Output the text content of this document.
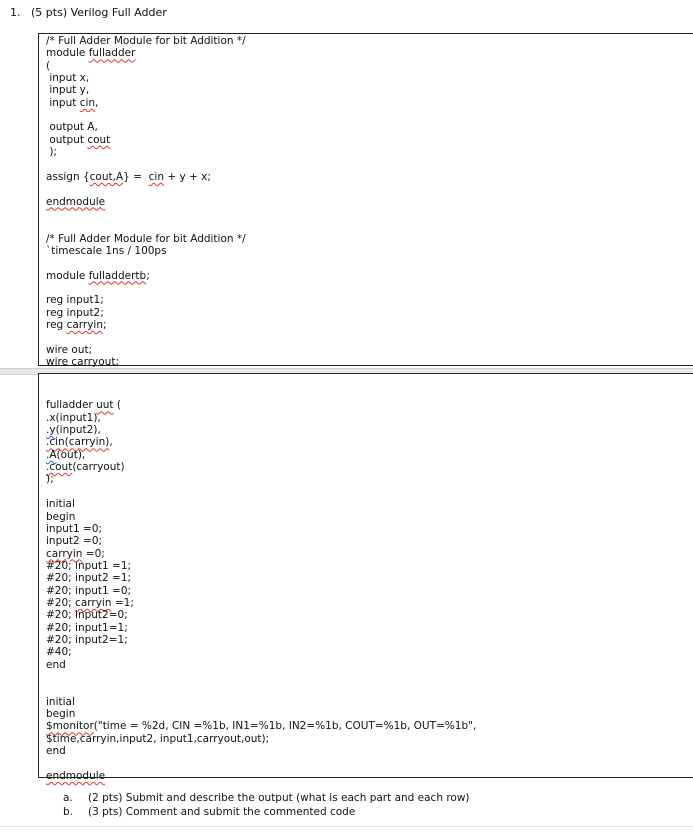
1. (5 pts) Verilog Full Adder
/* Full Adder Module for bit Addition */
module fulladder
(
input x,
input y,
input cin,
output A,
output cout
);
assign {cout,A} =  cin + y + x;
endmodule
/* Full Adder Module for bit Addition */
`timescale 1ns / 100ps
module fulladdertb;
reg input1;
reg input2;
reg carryin;
wire out;
wire carryout;
fulladder uut (
.x(input1),
.y(input2),
.cin(carryin),
.A(out),
.cout(carryout)
);
initial
begin
input1 =0;
input2 =0;
carryin =0;
#20; input1 =1;
#20; input2 =1;
#20; input1 =0;
#20; carryin =1;
#20; input2=0;
#20; input1=1;
#20; input2=1;
#40;
end
initial
begin
$monitor("time = %2d, CIN =%1b, IN1=%1b, IN2=%1b, COUT=%1b, OUT=%1b",
$time,carryin,input2, input1,carryout,out);
end
endmodule
a. (2 pts) Submit and describe the output (what is each part and each row)
b. (3 pts) Comment and submit the commented code
